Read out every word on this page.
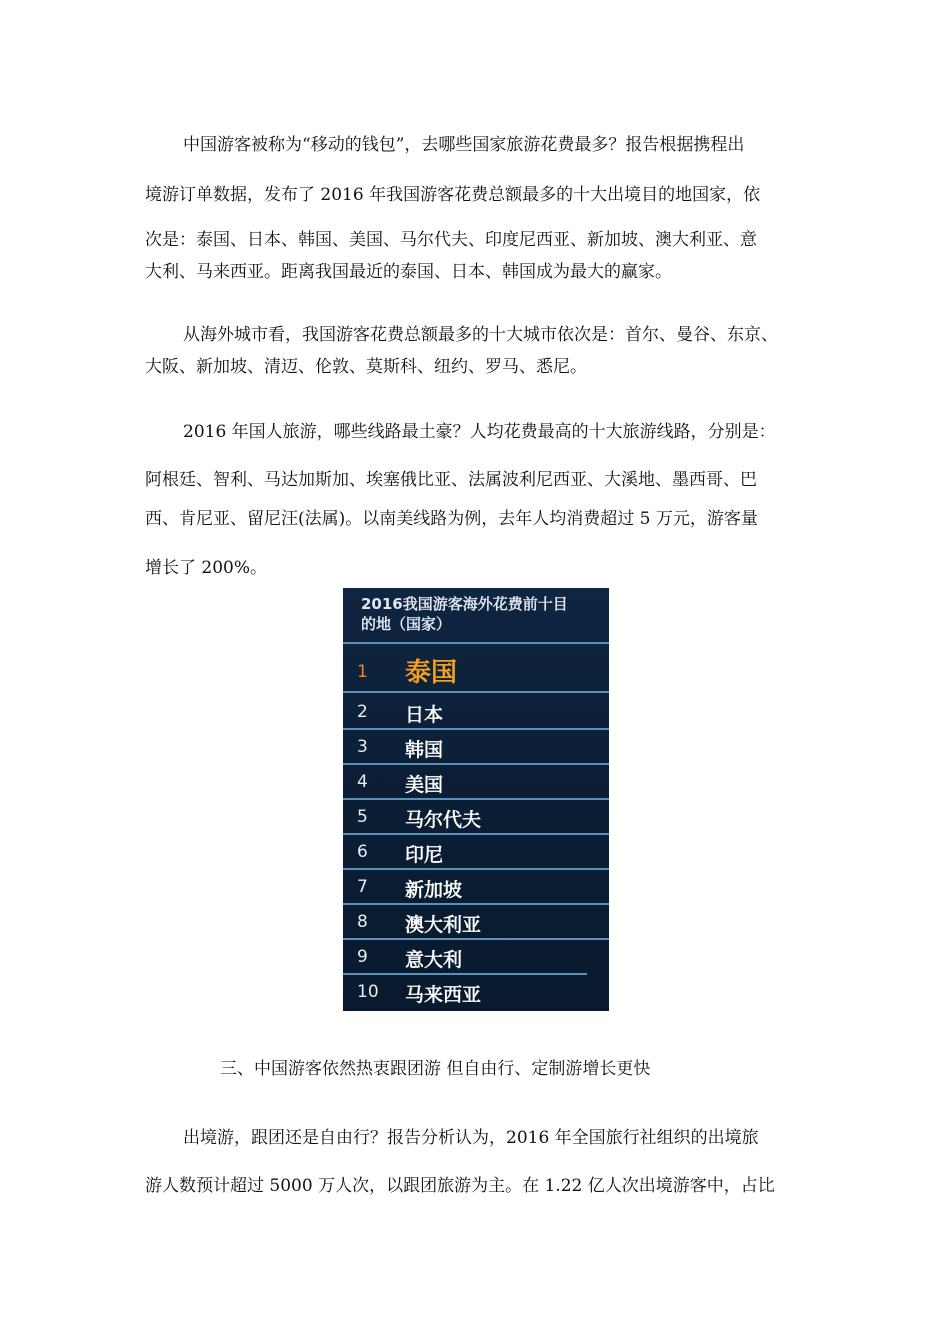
中国游客被称为“移动的钱包”，去哪些国家旅游花费最多？报告根据携程出
境游订单数据，发布了 2016 年我国游客花费总额最多的十大出境目的地国家，依
次是：泰国、日本、韩国、美国、马尔代夫、印度尼西亚、新加坡、澳大利亚、意
大利、马来西亚。距离我国最近的泰国、日本、韩国成为最大的赢家。
从海外城市看，我国游客花费总额最多的十大城市依次是：首尔、曼谷、东京、
大阪、新加坡、清迈、伦敦、莫斯科、纽约、罗马、悉尼。
2016 年国人旅游，哪些线路最土豪？人均花费最高的十大旅游线路，分别是：
阿根廷、智利、马达加斯加、埃塞俄比亚、法属波利尼西亚、大溪地、墨西哥、巴
西、肯尼亚、留尼汪(法属)。以南美线路为例，去年人均消费超过 5 万元，游客量
增长了 200%。
2016我国游客海外花费前十目
的地（国家）
1 泰国
2 日本
3 韩国
4 美国
5 马尔代夫
6 印尼
7 新加坡
8 澳大利亚
9 意大利
10 马来西亚
三、中国游客依然热衷跟团游 但自由行、定制游增长更快
出境游，跟团还是自由行？报告分析认为，2016 年全国旅行社组织的出境旅
游人数预计超过 5000 万人次，以跟团旅游为主。在 1.22 亿人次出境游客中，占比
